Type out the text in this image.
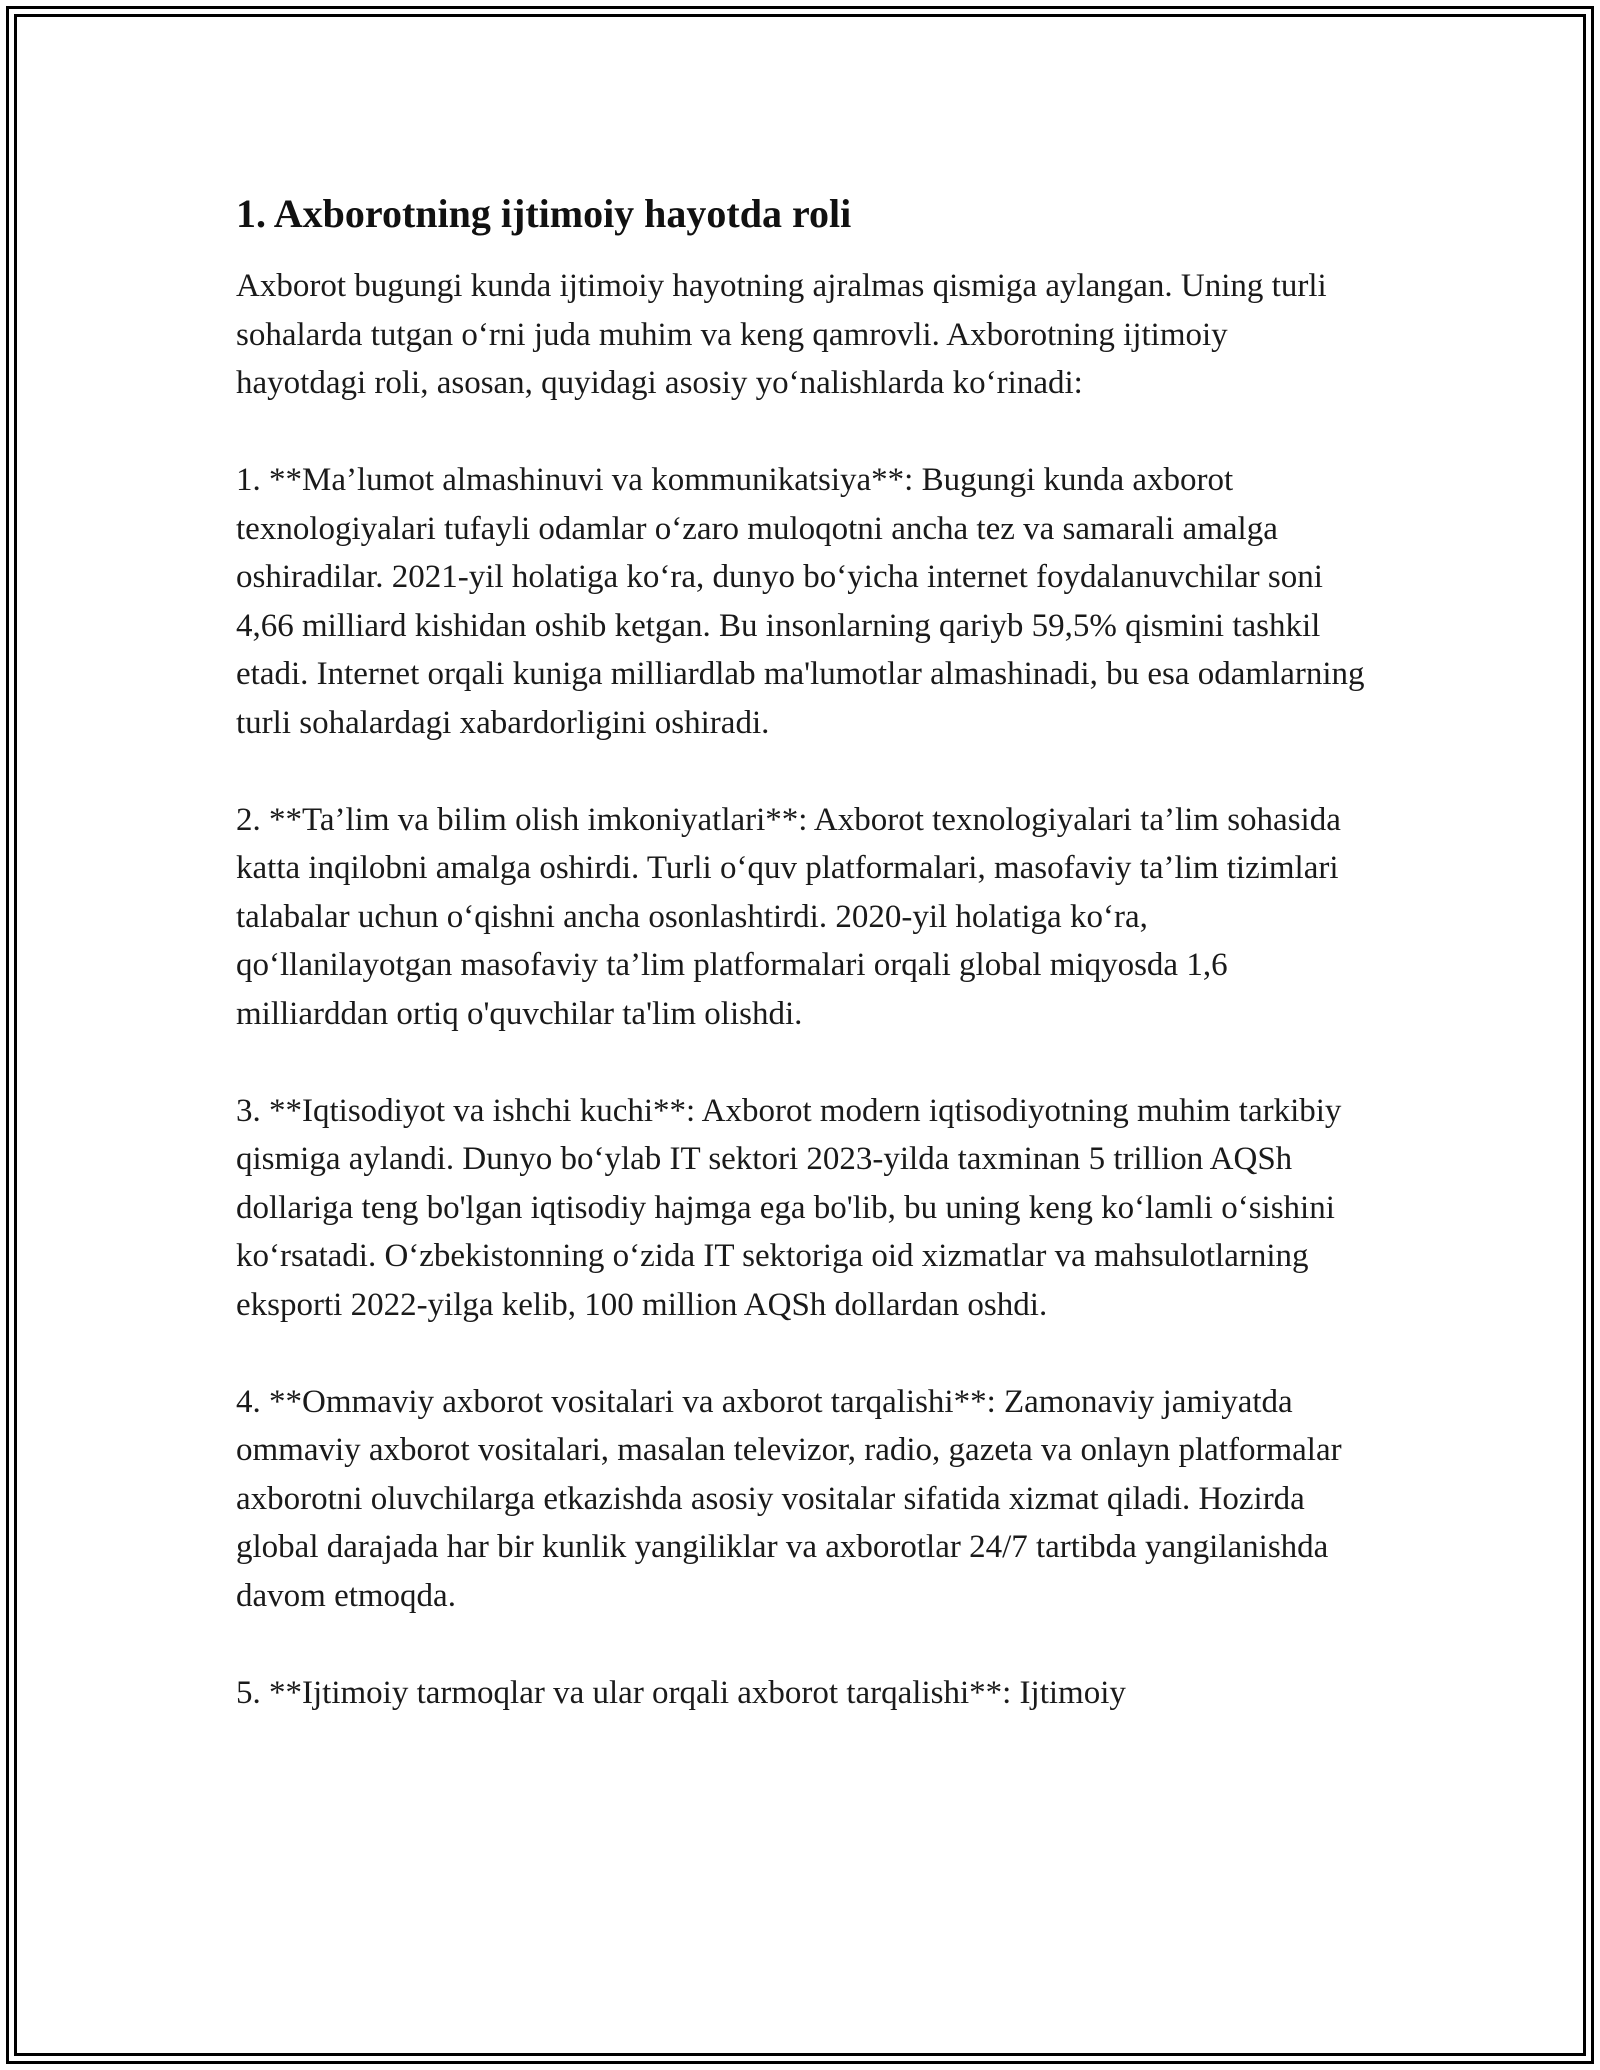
1. Axborotning ijtimoiy hayotda roli

Axborot bugungi kunda ijtimoiy hayotning ajralmas qismiga aylangan. Uning turli sohalarda tutgan o‘rni juda muhim va keng qamrovli. Axborotning ijtimoiy hayotdagi roli, asosan, quyidagi asosiy yo‘nalishlarda ko‘rinadi:

1. **Ma’lumot almashinuvi va kommunikatsiya**: Bugungi kunda axborot texnologiyalari tufayli odamlar o‘zaro muloqotni ancha tez va samarali amalga oshiradilar. 2021-yil holatiga ko‘ra, dunyo bo‘yicha internet foydalanuvchilar soni 4,66 milliard kishidan oshib ketgan. Bu insonlarning qariyb 59,5% qismini tashkil etadi. Internet orqali kuniga milliardlab ma'lumotlar almashinadi, bu esa odamlarning turli sohalardagi xabardorligini oshiradi.

2. **Ta’lim va bilim olish imkoniyatlari**: Axborot texnologiyalari ta’lim sohasida katta inqilobni amalga oshirdi. Turli o‘quv platformalari, masofaviy ta’lim tizimlari talabalar uchun o‘qishni ancha osonlashtirdi. 2020-yil holatiga ko‘ra, qo‘llanilayotgan masofaviy ta’lim platformalari orqali global miqyosda 1,6 milliarddan ortiq o'quvchilar ta'lim olishdi.

3. **Iqtisodiyot va ishchi kuchi**: Axborot modern iqtisodiyotning muhim tarkibiy qismiga aylandi. Dunyo bo‘ylab IT sektori 2023-yilda taxminan 5 trillion AQSh dollariga teng bo'lgan iqtisodiy hajmga ega bo'lib, bu uning keng ko‘lamli o‘sishini ko‘rsatadi. O‘zbekistonning o‘zida IT sektoriga oid xizmatlar va mahsulotlarning eksporti 2022-yilga kelib, 100 million AQSh dollardan oshdi.

4. **Ommaviy axborot vositalari va axborot tarqalishi**: Zamonaviy jamiyatda ommaviy axborot vositalari, masalan televizor, radio, gazeta va onlayn platformalar axborotni oluvchilarga etkazishda asosiy vositalar sifatida xizmat qiladi. Hozirda global darajada har bir kunlik yangiliklar va axborotlar 24/7 tartibda yangilanishda davom etmoqda.

5. **Ijtimoiy tarmoqlar va ular orqali axborot tarqalishi**: Ijtimoiy
